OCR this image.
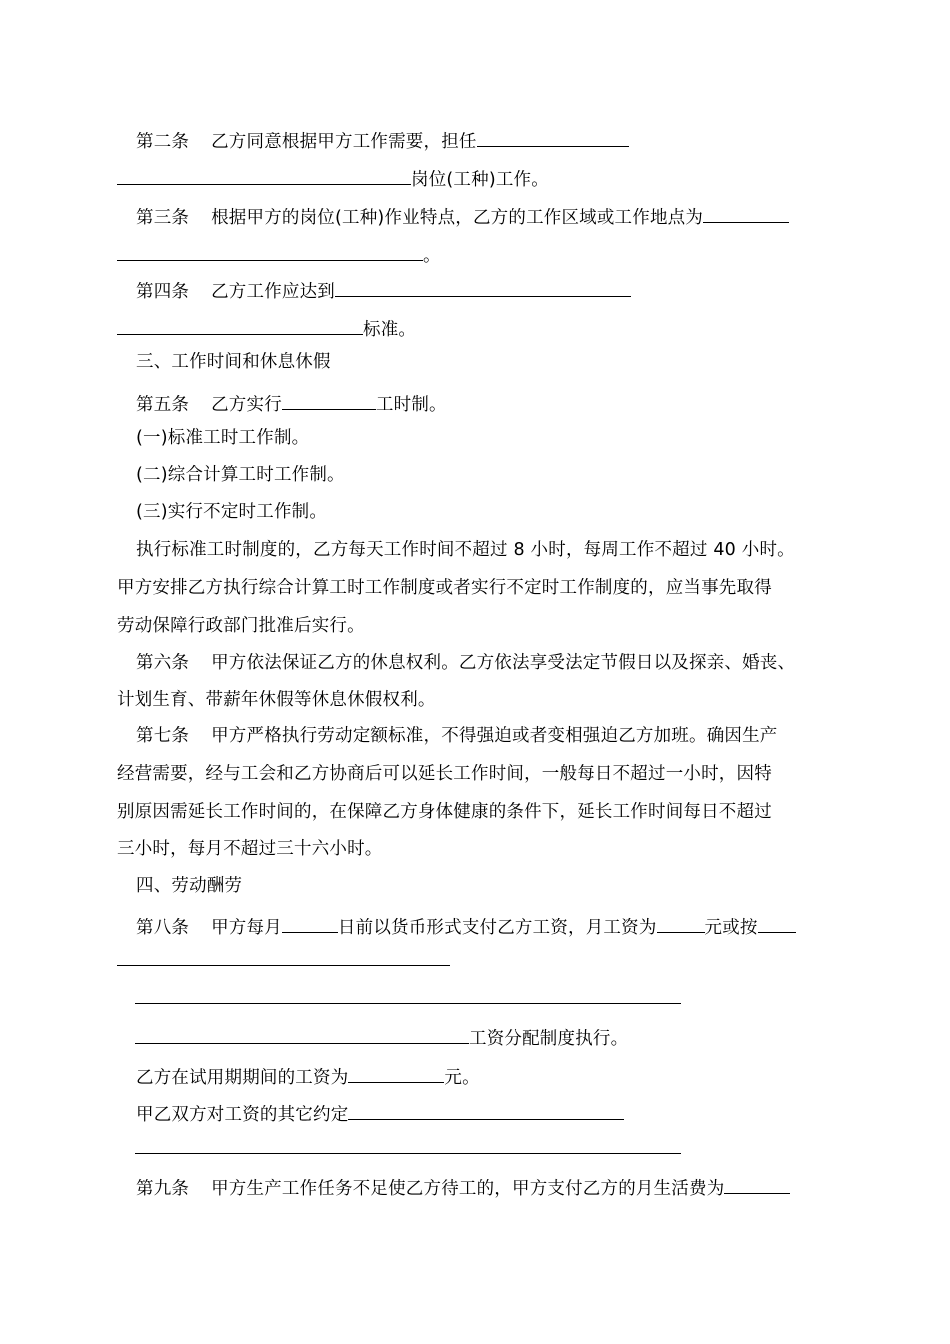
第二条 乙方同意根据甲方工作需要，担任
岗位(工种)工作。
第三条 根据甲方的岗位(工种)作业特点，乙方的工作区域或工作地点为
。
第四条 乙方工作应达到
标准。
三、工作时间和休息休假
第五条 乙方实行	工时制。
(一)标准工时工作制。
(二)综合计算工时工作制。
(三)实行不定时工作制。
执行标准工时制度的，乙方每天工作时间不超过 8 小时，每周工作不超过 40 小时。
甲方安排乙方执行综合计算工时工作制度或者实行不定时工作制度的，应当事先取得
劳动保障行政部门批准后实行。
第六条 甲方依法保证乙方的休息权利。乙方依法享受法定节假日以及探亲、婚丧、
计划生育、带薪年休假等休息休假权利。
第七条 甲方严格执行劳动定额标准，不得强迫或者变相强迫乙方加班。确因生产
经营需要，经与工会和乙方协商后可以延长工作时间，一般每日不超过一小时，因特
别原因需延长工作时间的，在保障乙方身体健康的条件下，延长工作时间每日不超过
三小时，每月不超过三十六小时。
四、劳动酬劳
第八条 甲方每月	日前以货币形式支付乙方工资，月工资为	元或按
工资分配制度执行。
乙方在试用期期间的工资为	元。
甲乙双方对工资的其它约定
第九条 甲方生产工作任务不足使乙方待工的，甲方支付乙方的月生活费为
